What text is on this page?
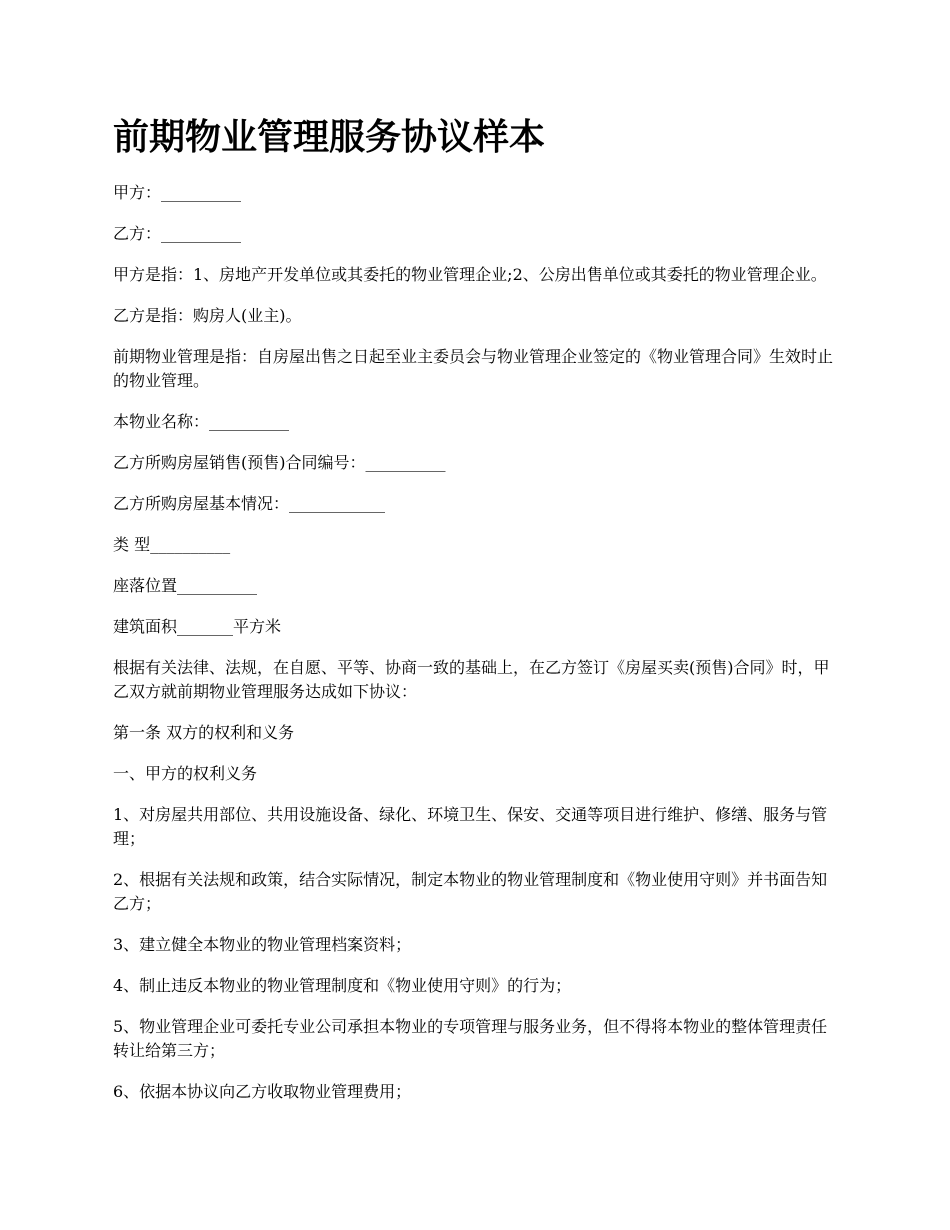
前期物业管理服务协议样本

甲方：__________

乙方：__________

甲方是指：1、房地产开发单位或其委托的物业管理企业;2、公房出售单位或其委托的物业管理企业。

乙方是指：购房人(业主)。

前期物业管理是指：自房屋出售之日起至业主委员会与物业管理企业签定的《物业管理合同》生效时止的物业管理。

本物业名称：__________

乙方所购房屋销售(预售)合同编号：__________

乙方所购房屋基本情况：____________

类 型__________

座落位置__________

建筑面积_______平方米

根据有关法律、法规，在自愿、平等、协商一致的基础上，在乙方签订《房屋买卖(预售)合同》时，甲乙双方就前期物业管理服务达成如下协议：

第一条 双方的权利和义务

一、甲方的权利义务

1、对房屋共用部位、共用设施设备、绿化、环境卫生、保安、交通等项目进行维护、修缮、服务与管理；

2、根据有关法规和政策，结合实际情况，制定本物业的物业管理制度和《物业使用守则》并书面告知乙方；

3、建立健全本物业的物业管理档案资料；

4、制止违反本物业的物业管理制度和《物业使用守则》的行为；

5、物业管理企业可委托专业公司承担本物业的专项管理与服务业务，但不得将本物业的整体管理责任转让给第三方；

6、依据本协议向乙方收取物业管理费用；
